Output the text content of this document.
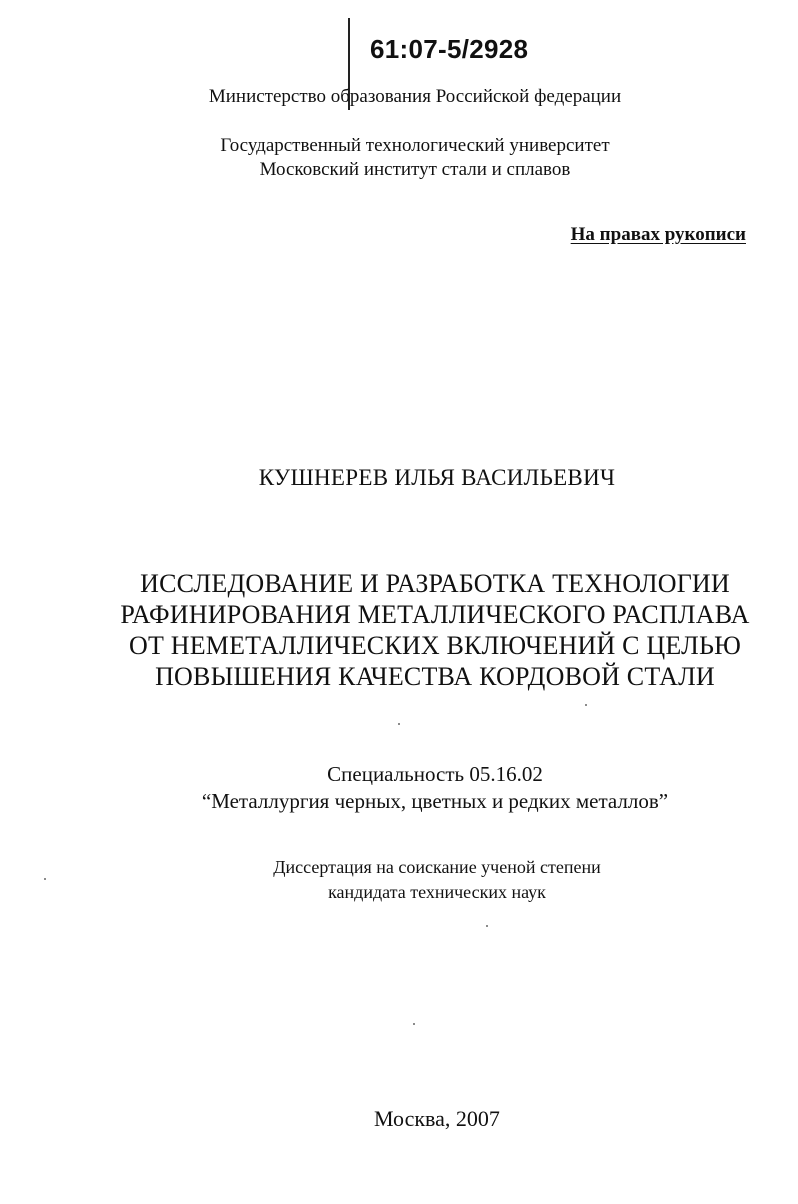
61:07-5/2928

Министерство образования Российской федерации

Государственный технологический университет
Московский институт стали и сплавов

На правах рукописи

КУШНЕРЕВ ИЛЬЯ ВАСИЛЬЕВИЧ

ИССЛЕДОВАНИЕ И РАЗРАБОТКА ТЕХНОЛОГИИ
РАФИНИРОВАНИЯ МЕТАЛЛИЧЕСКОГО РАСПЛАВА
ОТ НЕМЕТАЛЛИЧЕСКИХ ВКЛЮЧЕНИЙ С ЦЕЛЬЮ
ПОВЫШЕНИЯ КАЧЕСТВА КОРДОВОЙ СТАЛИ
Специальность 05.16.02
“Металлургия черных, цветных и редких металлов”
Диссертация на соискание ученой степени
кандидата технических наук

Москва, 2007
